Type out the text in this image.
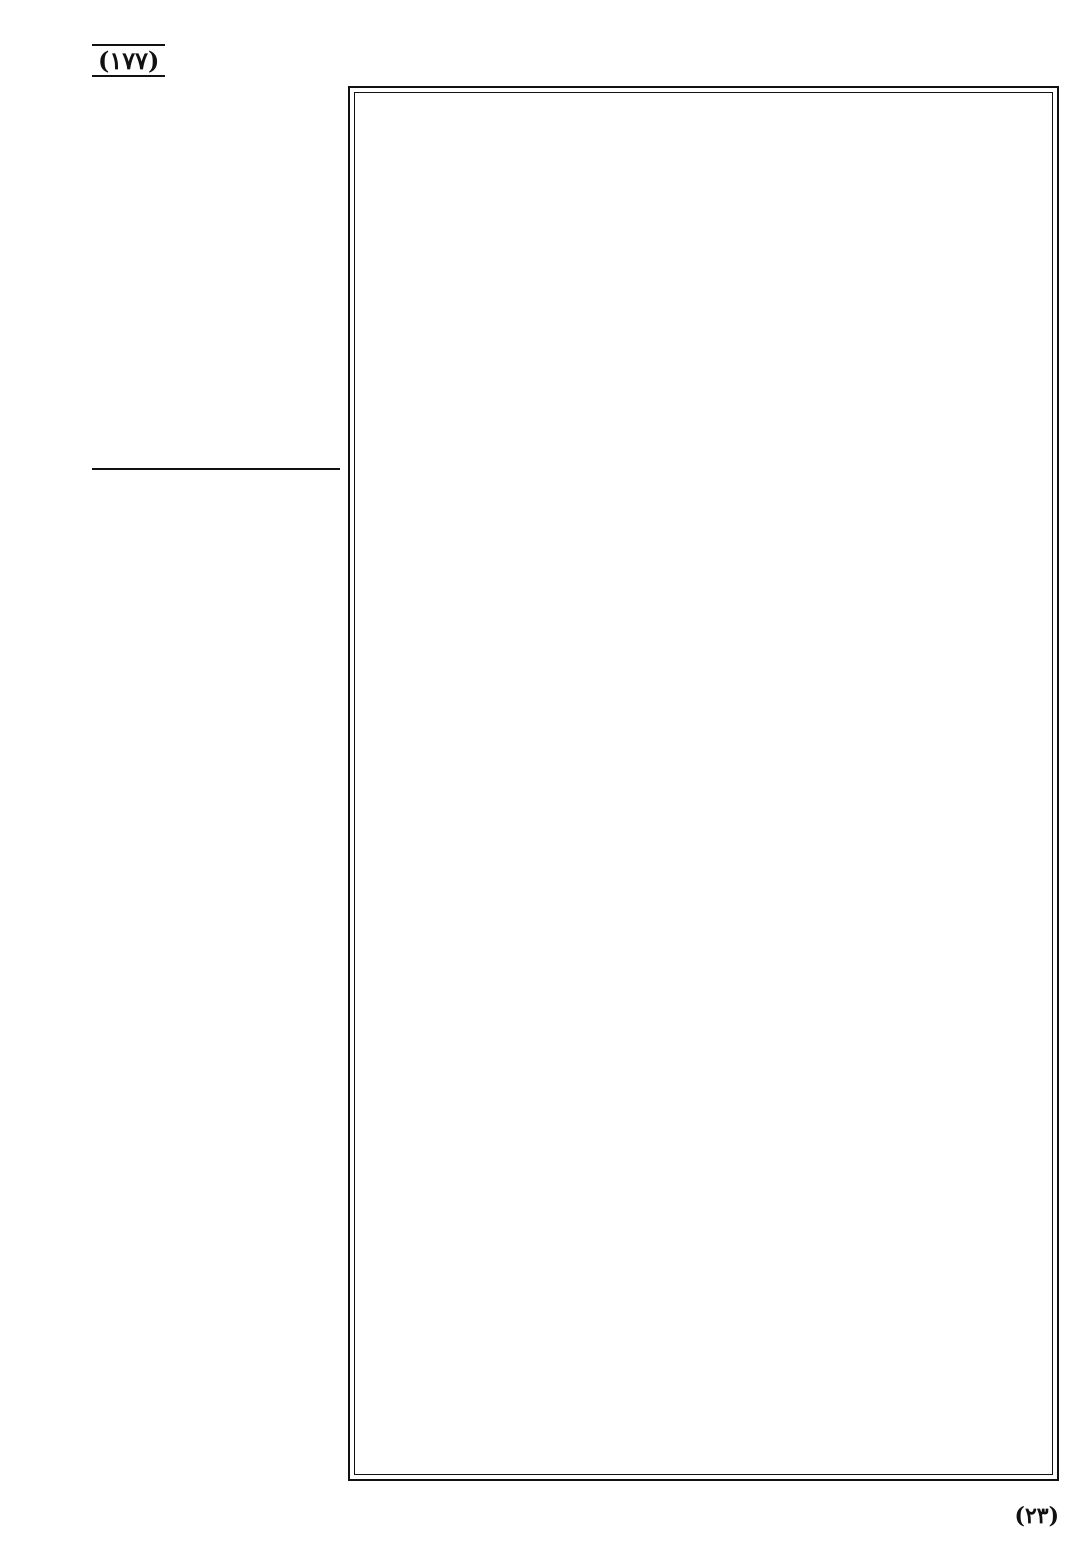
(١٧٧)
(٢٣)
